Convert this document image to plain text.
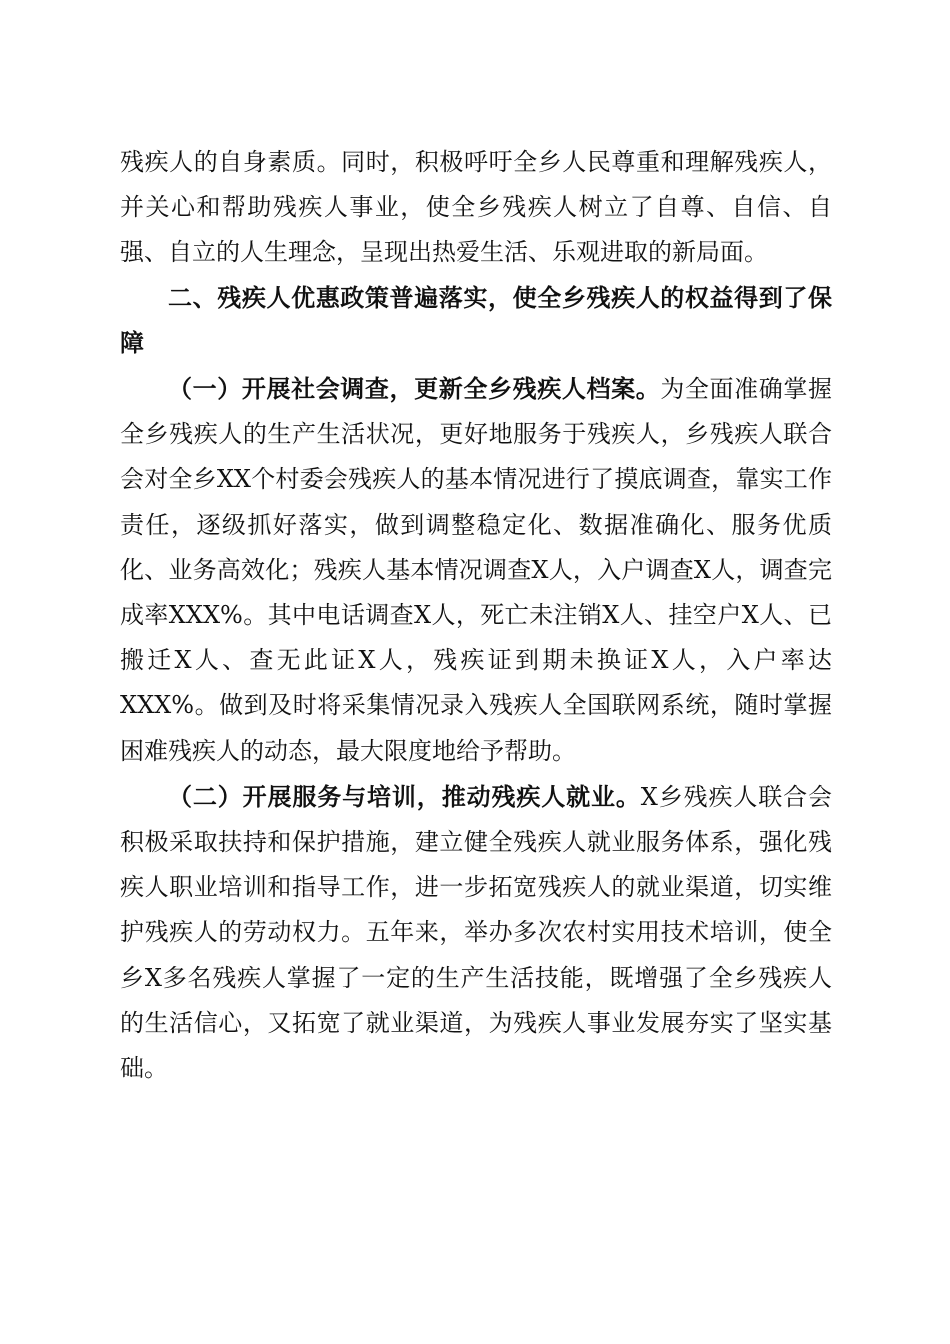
残疾人的自身素质。同时，积极呼吁全乡人民尊重和理解残疾人，并关心和帮助残疾人事业，使全乡残疾人树立了自尊、自信、自强、自立的人生理念，呈现出热爱生活、乐观进取的新局面。

二、残疾人优惠政策普遍落实，使全乡残疾人的权益得到了保障

（一）开展社会调查，更新全乡残疾人档案。为全面准确掌握全乡残疾人的生产生活状况，更好地服务于残疾人，乡残疾人联合会对全乡XX个村委会残疾人的基本情况进行了摸底调查，靠实工作责任，逐级抓好落实，做到调整稳定化、数据准确化、服务优质化、业务高效化；残疾人基本情况调查X人，入户调查X人，调查完成率XXX%。其中电话调查X人，死亡未注销X人、挂空户X人、已搬迁X人、查无此证X人，残疾证到期未换证X人，入户率达XXX%。做到及时将采集情况录入残疾人全国联网系统，随时掌握困难残疾人的动态，最大限度地给予帮助。

（二）开展服务与培训，推动残疾人就业。X乡残疾人联合会积极采取扶持和保护措施，建立健全残疾人就业服务体系，强化残疾人职业培训和指导工作，进一步拓宽残疾人的就业渠道，切实维护残疾人的劳动权力。五年来，举办多次农村实用技术培训，使全乡X多名残疾人掌握了一定的生产生活技能，既增强了全乡残疾人的生活信心，又拓宽了就业渠道，为残疾人事业发展夯实了坚实基础。
